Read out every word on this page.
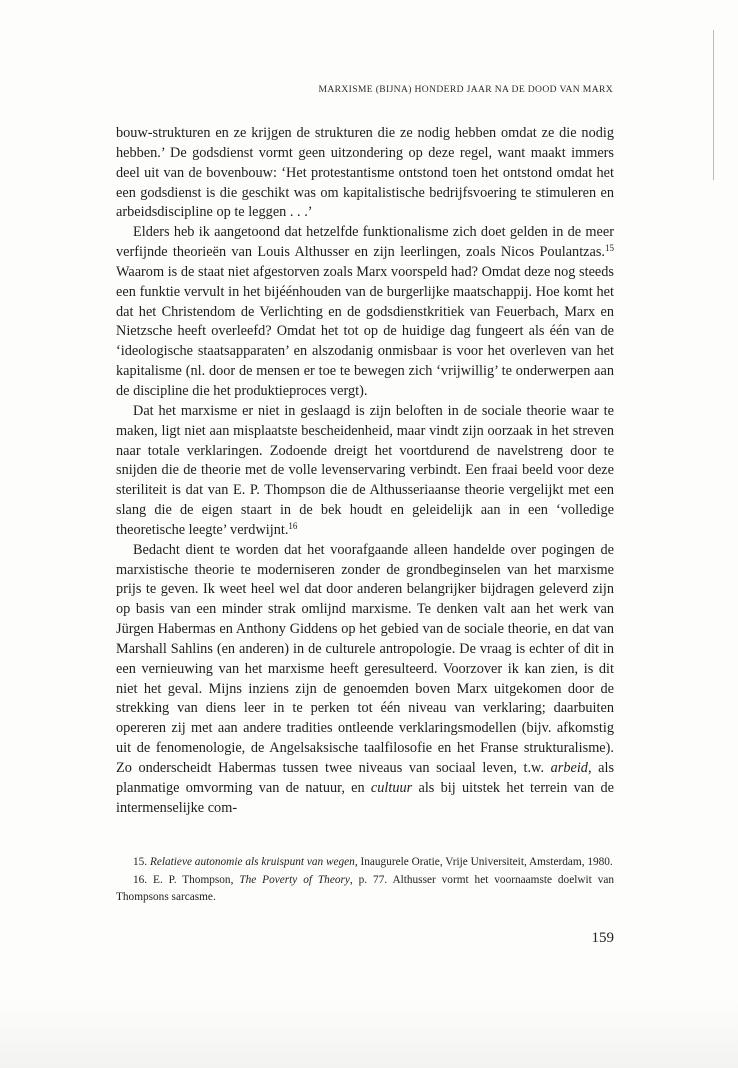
MARXISME (BIJNA) HONDERD JAAR NA DE DOOD VAN MARX

bouw-strukturen en ze krijgen de strukturen die ze nodig hebben omdat ze die nodig hebben.’ De godsdienst vormt geen uitzondering op deze regel, want maakt immers deel uit van de bovenbouw: ‘Het protestantisme ontstond toen het ontstond omdat het een godsdienst is die geschikt was om kapitalistische bedrijfsvoering te stimuleren en arbeidsdiscipline op te leggen . . .’

Elders heb ik aangetoond dat hetzelfde funktionalisme zich doet gelden in de meer verfijnde theorieën van Louis Althusser en zijn leerlingen, zoals Nicos Poulantzas.$^{15}$ Waarom is de staat niet afgestorven zoals Marx voorspeld had? Omdat deze nog steeds een funktie vervult in het bijéénhouden van de burgerlijke maatschappij. Hoe komt het dat het Christendom de Verlichting en de godsdienstkritiek van Feuerbach, Marx en Nietzsche heeft overleefd? Omdat het tot op de huidige dag fungeert als één van de ‘ideologische staatsapparaten’ en alszodanig onmisbaar is voor het overleven van het kapitalisme (nl. door de mensen er toe te bewegen zich ‘vrijwillig’ te onderwerpen aan de discipline die het produktieproces vergt).

Dat het marxisme er niet in geslaagd is zijn beloften in de sociale theorie waar te maken, ligt niet aan misplaatste bescheidenheid, maar vindt zijn oorzaak in het streven naar totale verklaringen. Zodoende dreigt het voortdurend de navelstreng door te snijden die de theorie met de volle levenservaring verbindt. Een fraai beeld voor deze steriliteit is dat van E. P. Thompson die de Althusseriaanse theorie vergelijkt met een slang die de eigen staart in de bek houdt en geleidelijk aan in een ‘volledige theoretische leegte’ verdwijnt.$^{16}$

Bedacht dient te worden dat het voorafgaande alleen handelde over pogingen de marxistische theorie te moderniseren zonder de grondbeginselen van het marxisme prijs te geven. Ik weet heel wel dat door anderen belangrijker bijdragen geleverd zijn op basis van een minder strak omlijnd marxisme. Te denken valt aan het werk van Jürgen Habermas en Anthony Giddens op het gebied van de sociale theorie, en dat van Marshall Sahlins (en anderen) in de culturele antropologie. De vraag is echter of dit in een vernieuwing van het marxisme heeft geresulteerd. Voorzover ik kan zien, is dit niet het geval. Mijns inziens zijn de genoemden boven Marx uitgekomen door de strekking van diens leer in te perken tot één niveau van verklaring; daarbuiten opereren zij met aan andere tradities ontleende verklaringsmodellen (bijv. afkomstig uit de fenomenologie, de Angelsaksische taalfilosofie en het Franse strukturalisme). Zo onderscheidt Habermas tussen twee niveaus van sociaal leven, t.w. arbeid, als planmatige omvorming van de natuur, en cultuur als bij uitstek het terrein van de intermenselijke com-

15. Relatieve autonomie als kruispunt van wegen, Inaugurele Oratie, Vrije Universiteit, Amsterdam, 1980.

16. E. P. Thompson, The Poverty of Theory, p. 77. Althusser vormt het voornaamste doelwit van Thompsons sarcasme.

159
